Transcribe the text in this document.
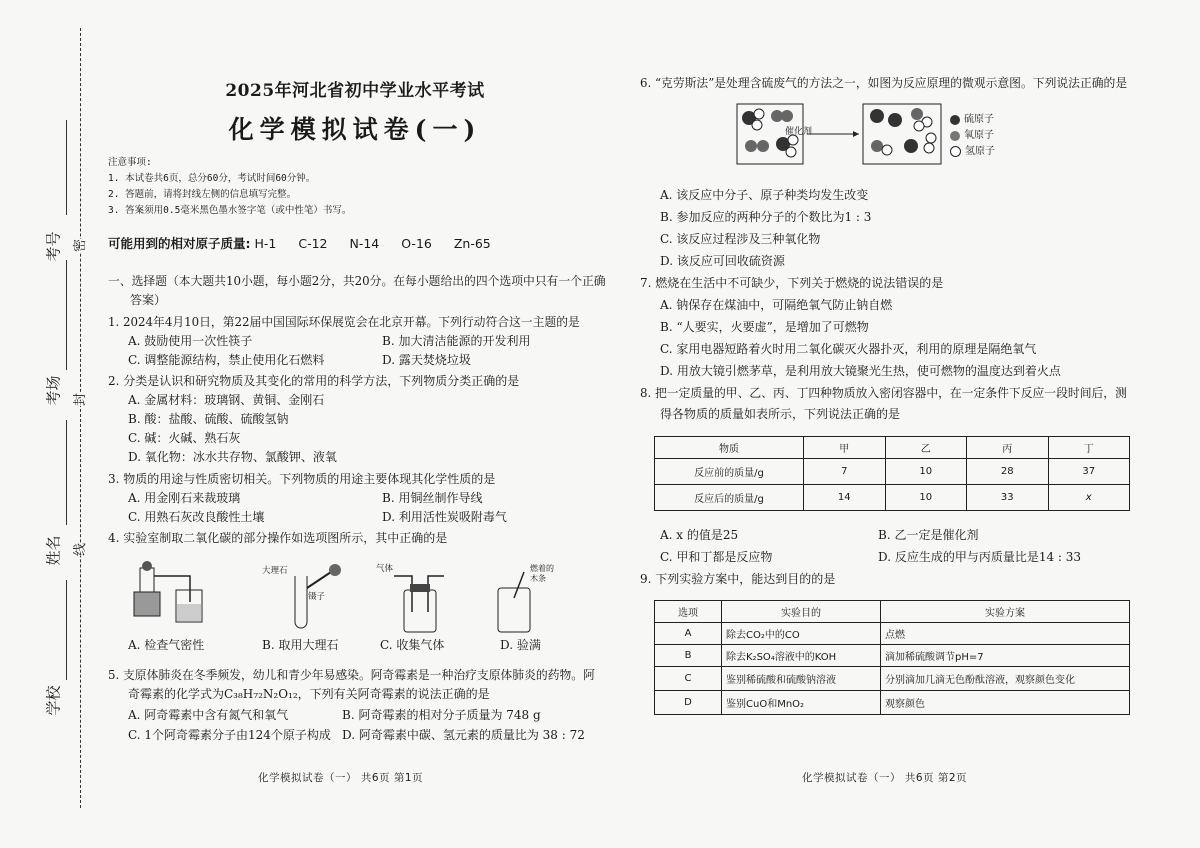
考号
考场
姓名
学校
密
封
线
2025年河北省初中学业水平考试
化学模拟试卷(一)
注意事项:
1. 本试卷共6页，总分60分，考试时间60分钟。
2. 答题前，请将封线左侧的信息填写完整。
3. 答案须用0.5毫米黑色墨水签字笔（或中性笔）书写。
可能用到的相对原子质量: H-1 C-12 N-14 O-16 Zn-65
一、选择题（本大题共10小题，每小题2分，共20分。在每小题给出的四个选项中只有一个正确
答案）
1. 2024年4月10日，第22届中国国际环保展览会在北京开幕。下列行动符合这一主题的是
A. 鼓励使用一次性筷子	B. 加大清洁能源的开发利用
C. 调整能源结构，禁止使用化石燃料	D. 露天焚烧垃圾
2. 分类是认识和研究物质及其变化的常用的科学方法，下列物质分类正确的是
A. 金属材料：玻璃钢、黄铜、金刚石
B. 酸：盐酸、硫酸、硫酸氢钠
C. 碱：火碱、熟石灰
D. 氧化物：冰水共存物、氯酸钾、液氧
3. 物质的用途与性质密切相关。下列物质的用途主要体现其化学性质的是
A. 用金刚石来裁玻璃	B. 用铜丝制作导线
C. 用熟石灰改良酸性土壤	D. 利用活性炭吸附毒气
4. 实验室制取二氧化碳的部分操作如选项图所示，其中正确的是
大理石
镊子
气体	燃着的木条
A. 检查气密性	B. 取用大理石	C. 收集气体	D. 验满
5. 支原体肺炎在冬季频发，幼儿和青少年易感染。阿奇霉素是一种治疗支原体肺炎的药物。阿
奇霉素的化学式为C₃₈H₇₂N₂O₁₂，下列有关阿奇霉素的说法正确的是
A. 阿奇霉素中含有氮气和氧气	B. 阿奇霉素的相对分子质量为 748 g
C. 1个阿奇霉素分子由124个原子构成 D. 阿奇霉素中碳、氢元素的质量比为 38 : 72
化学模拟试卷（一） 共6页 第1页
6. “克劳斯法”是处理含硫废气的方法之一，如图为反应原理的微观示意图。下列说法正确的是
催化剂
硫原子
氧原子
氢原子
A. 该反应中分子、原子种类均发生改变
B. 参加反应的两种分子的个数比为1 : 3
C. 该反应过程涉及三种氧化物
D. 该反应可回收硫资源
7. 燃烧在生活中不可缺少，下列关于燃烧的说法错误的是
A. 钠保存在煤油中，可隔绝氧气防止钠自燃
B. “人要实，火要虚”，是增加了可燃物
C. 家用电器短路着火时用二氧化碳灭火器扑灭，利用的原理是隔绝氧气
D. 用放大镜引燃茅草，是利用放大镜聚光生热，使可燃物的温度达到着火点
8. 把一定质量的甲、乙、丙、丁四种物质放入密闭容器中，在一定条件下反应一段时间后，测
得各物质的质量如表所示，下列说法正确的是
物质	甲	乙	丙	丁
反应前的质量/g	7	10	28	37
反应后的质量/g	14	10	33	x
A. x 的值是25	B. 乙一定是催化剂
C. 甲和丁都是反应物	D. 反应生成的甲与丙质量比是14 : 33
9. 下列实验方案中，能达到目的的是
选项	实验目的	实验方案
A	除去CO₂中的CO	点燃
B	除去K₂SO₄溶液中的KOH	滴加稀硫酸调节pH=7
C	鉴别稀硫酸和硫酸钠溶液	分别滴加几滴无色酚酞溶液，观察颜色变化
D	鉴别CuO和MnO₂	观察颜色
化学模拟试卷（一） 共6页 第2页
